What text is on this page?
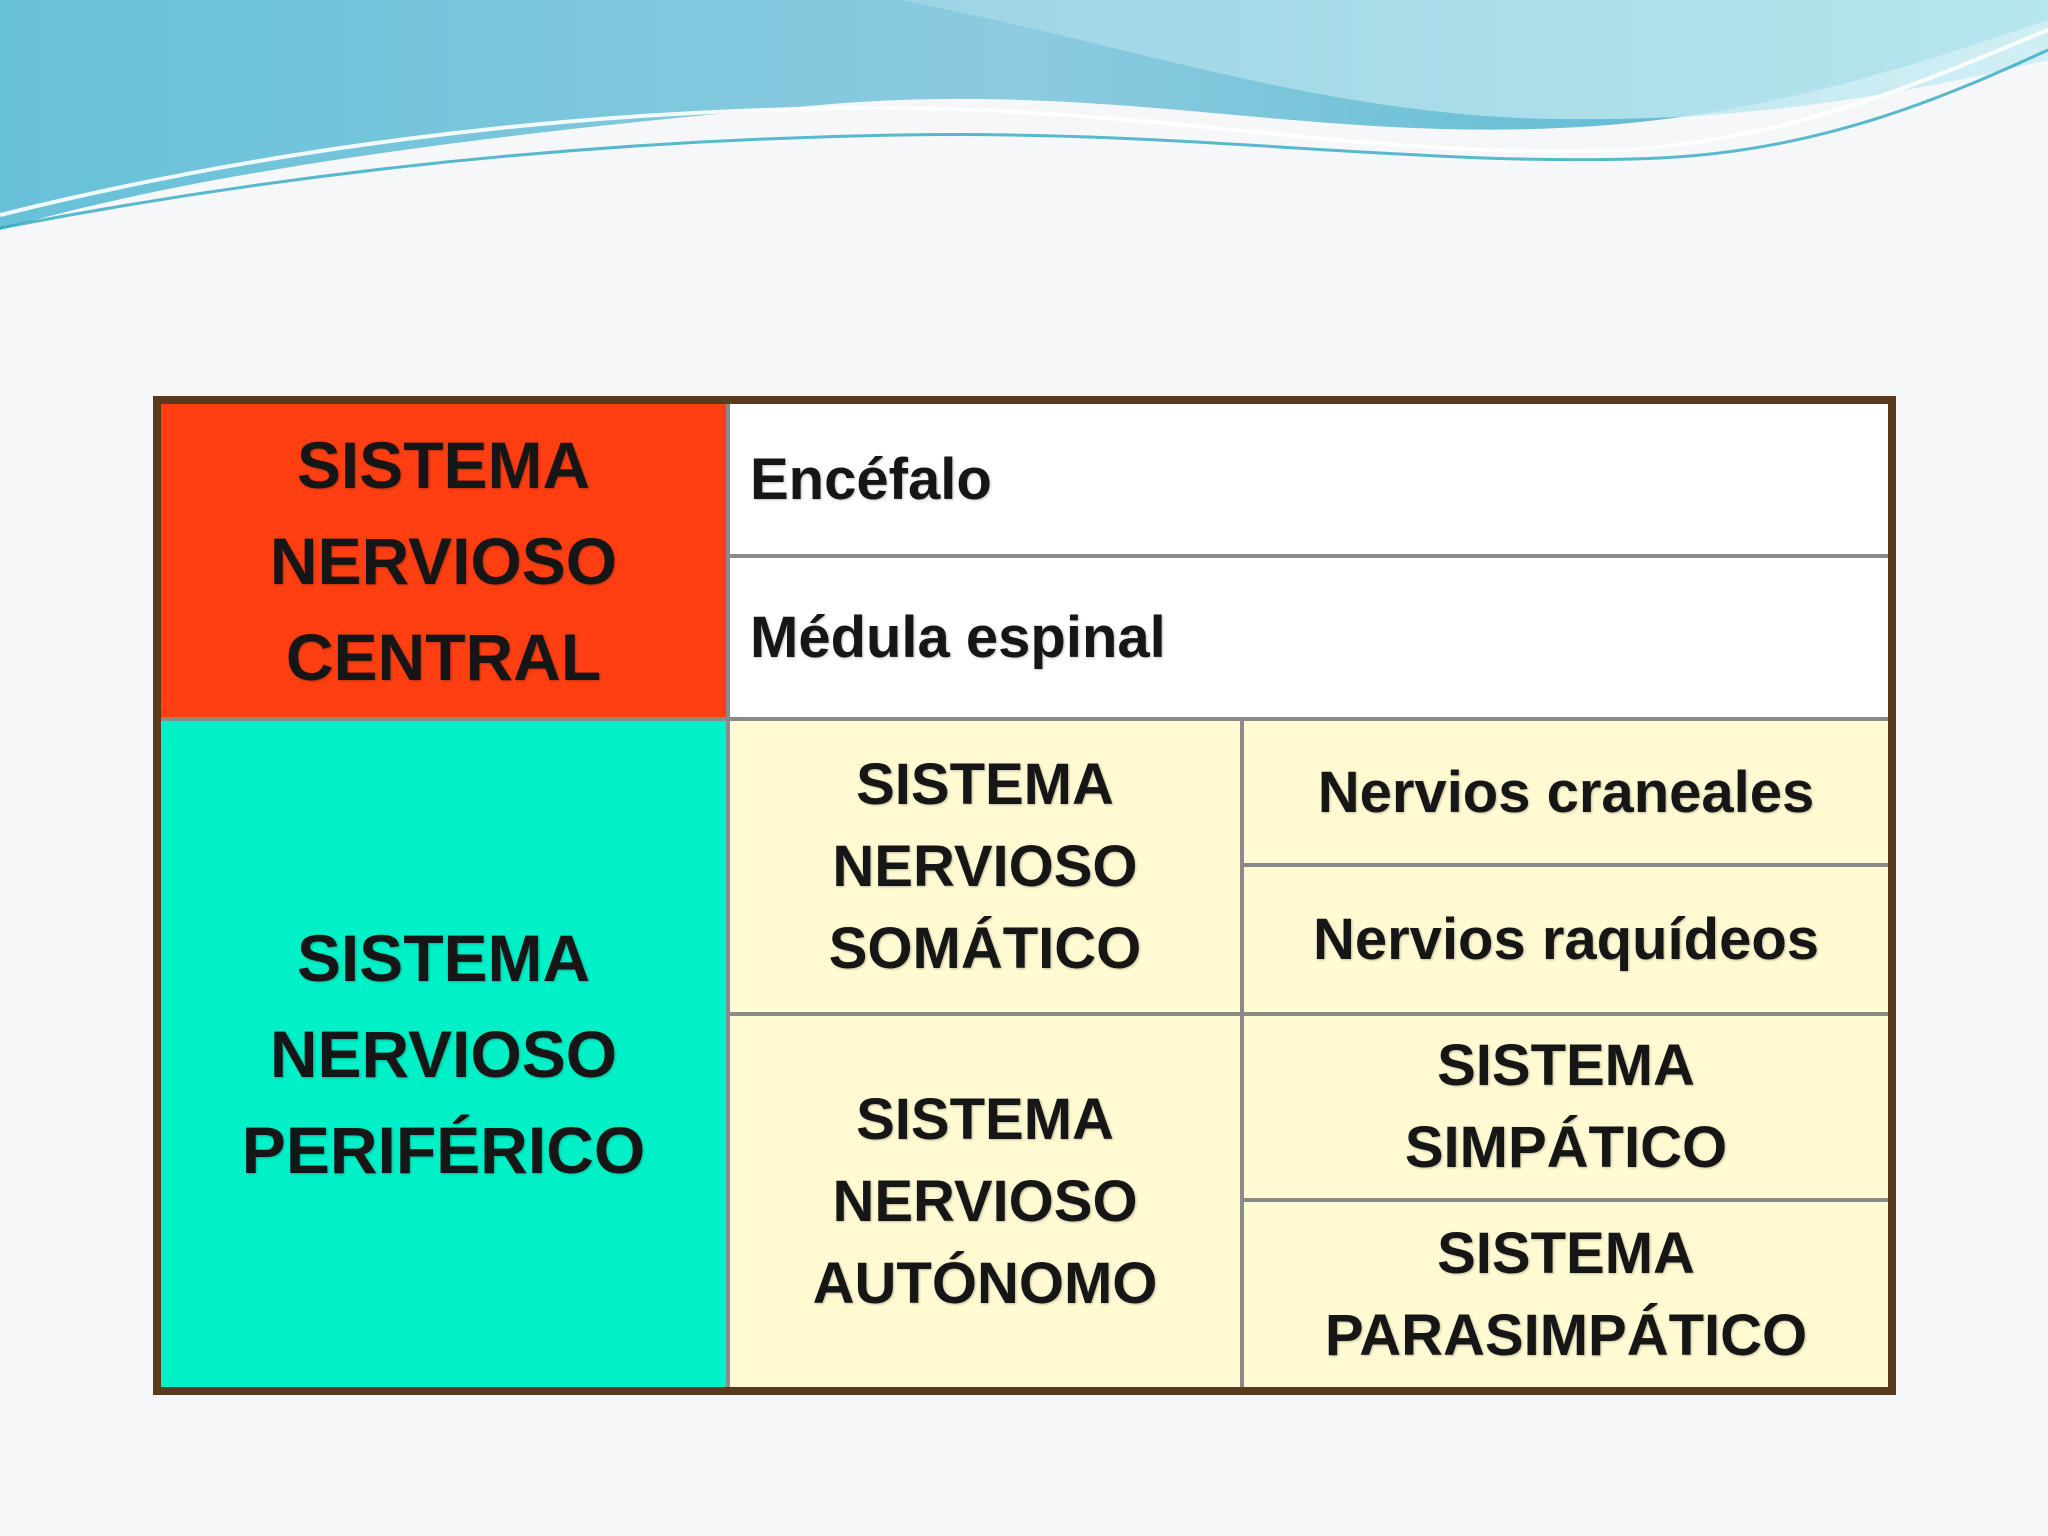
SISTEMA
NERVIOSO
CENTRAL
Encéfalo
Médula espinal
SISTEMA
NERVIOSO
PERIFÉRICO
SISTEMA
NERVIOSO
SOMÁTICO
Nervios craneales
Nervios raquídeos
SISTEMA
NERVIOSO
AUTÓNOMO
SISTEMA
SIMPÁTICO
SISTEMA
PARASIMPÁTICO
